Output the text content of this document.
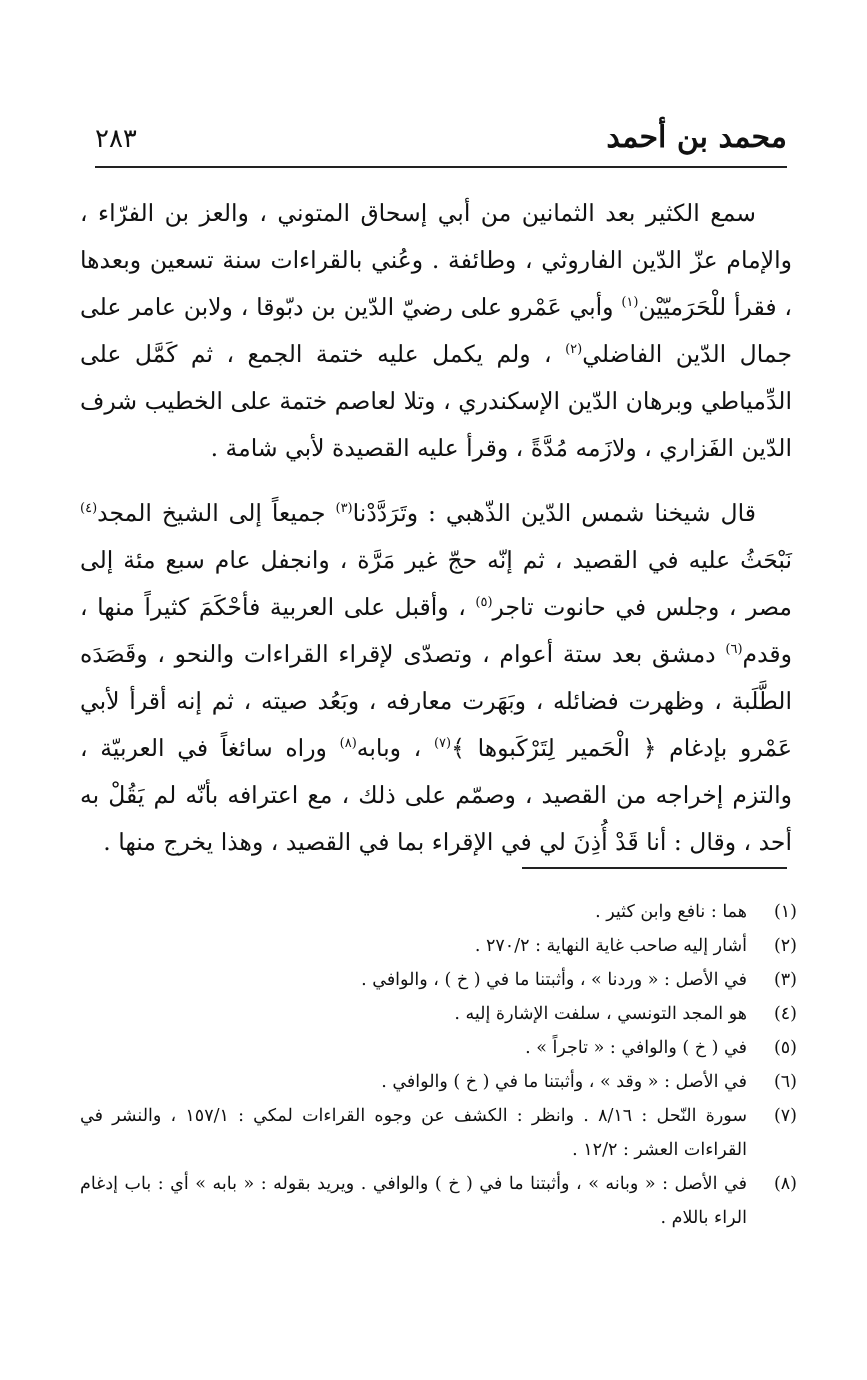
محمد بن أحمد
٢٨٣

سمع الكثير بعد الثمانين من أبي إسحاق المتوني ، والعز بن الفرّاء ، والإمام عزّ الدّين الفاروثي ، وطائفة . وعُني بالقراءات سنة تسعين وبعدها ، فقرأ للْحَرَميّيْن$^{(١)}$ وأبي عَمْرو على رضيّ الدّين بن دبّوقا ، ولابن عامر على جمال الدّين الفاضلي$^{(٢)}$ ، ولم يكمل عليه ختمة الجمع ، ثم كَمَّل على الدِّمياطي وبرهان الدّين الإسكندري ، وتلا لعاصم ختمة على الخطيب شرف الدّين الفَزاري ، ولازَمه مُدَّةً ، وقرأ عليه القصيدة لأبي شامة .

قال شيخنا شمس الدّين الذّهبي : وتَرَدَّدْنا$^{(٣)}$ جميعاً إلى الشيخ المجد$^{(٤)}$ نَبْحَثُ عليه في القصيد ، ثم إنّه حجّ غير مَرَّة ، وانجفل عام سبع مئة إلى مصر ، وجلس في حانوت تاجر$^{(٥)}$ ، وأقبل على العربية فأحْكَمَ كثيراً منها ، وقدم$^{(٦)}$ دمشق بعد ستة أعوام ، وتصدّى لإقراء القراءات والنحو ، وقَصَدَه الطَّلَبة ، وظهرت فضائله ، وبَهَرت معارفه ، وبَعُد صيته ، ثم إنه أقرأ لأبي عَمْرو بإدغام ﴿ الْحَمير لِتَرْكَبوها ﴾$^{(٧)}$ ، وبابه$^{(٨)}$ وراه سائغاً في العربيّة ، والتزم إخراجه من القصيد ، وصمّم على ذلك ، مع اعترافه بأنّه لم يَقُلْ به أحد ، وقال : أنا قَدْ أُذِنَ لي في الإقراء بما في القصيد ، وهذا يخرج منها .

(١)
هما : نافع وابن كثير .
(٢)
أشار إليه صاحب غاية النهاية : ٢٧٠/٢ .
(٣)
في الأصل : « وردنا » ، وأثبتنا ما في ( خ ) ، والوافي .
(٤)
هو المجد التونسي ، سلفت الإشارة إليه .
(٥)
في ( خ ) والوافي : « تاجراً » .
(٦)
في الأصل : « وقد » ، وأثبتنا ما في ( خ ) والوافي .
(٧)
سورة النّحل : ٨/١٦ . وانظر : الكشف عن وجوه القراءات لمكي : ١٥٧/١ ، والنشر في القراءات العشر : ١٢/٢ .
(٨)
في الأصل : « وبانه » ، وأثبتنا ما في ( خ ) والوافي . ويريد بقوله : « بابه » أي : باب إدغام الراء باللام .
